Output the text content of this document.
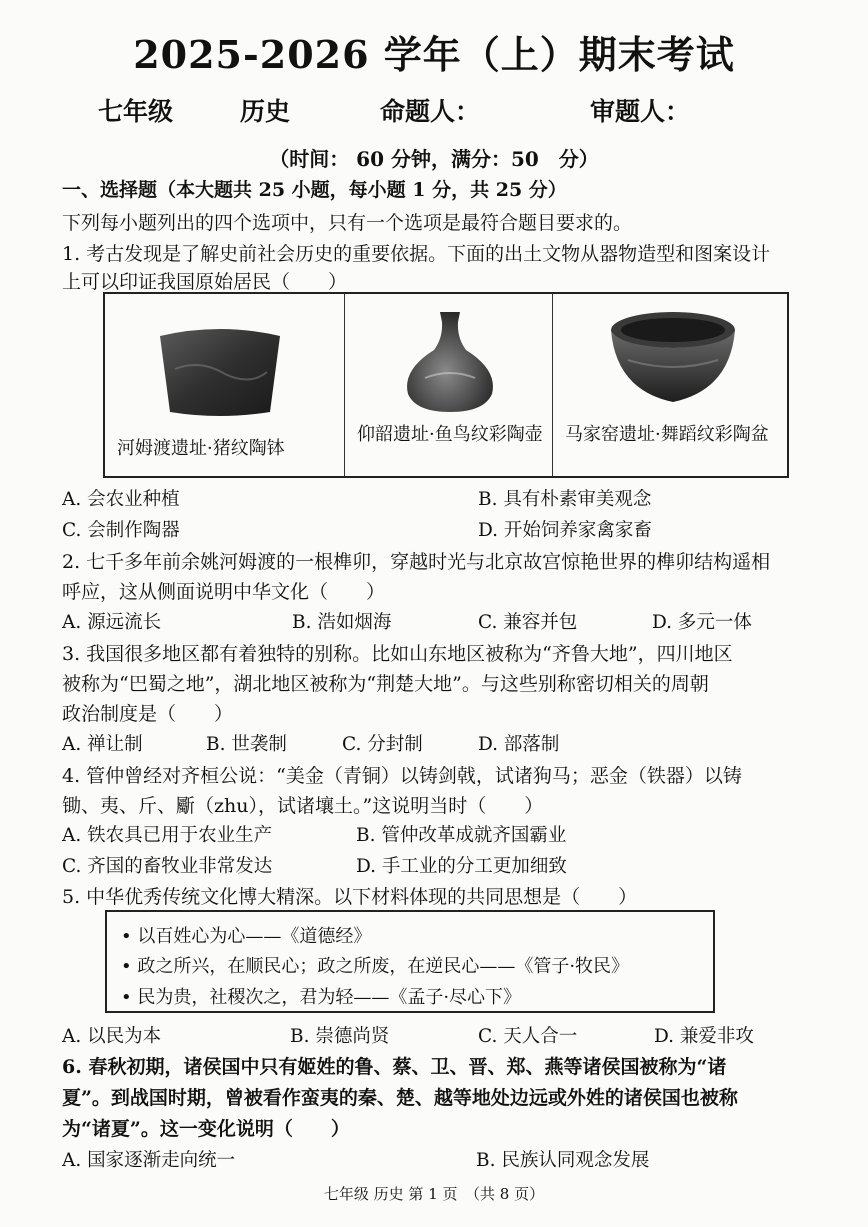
2025-2026 学年（上）期末考试
七年级	历史	命题人：	审题人：
（时间： 60 分钟，满分：50　分）
一、选择题（本大题共 25 小题，每小题 1 分，共 25 分）
下列每小题列出的四个选项中，只有一个选项是最符合题目要求的。
1. 考古发现是了解史前社会历史的重要依据。下面的出土文物从器物造型和图案设计
上可以印证我国原始居民（　　）
河姆渡遗址·猪纹陶钵
仰韶遗址·鱼鸟纹彩陶壶 马家窑遗址·舞蹈纹彩陶盆
A. 会农业种植	B. 具有朴素审美观念
C. 会制作陶器	D. 开始饲养家禽家畜
2. 七千多年前余姚河姆渡的一根榫卯，穿越时光与北京故宫惊艳世界的榫卯结构遥相
呼应，这从侧面说明中华文化（　　）
A. 源远流长	B. 浩如烟海	C. 兼容并包	D. 多元一体
3. 我国很多地区都有着独特的别称。比如山东地区被称为“齐鲁大地”，四川地区
被称为“巴蜀之地”，湖北地区被称为“荆楚大地”。与这些别称密切相关的周朝
政治制度是（　　）
A. 禅让制	B. 世袭制	C. 分封制	D. 部落制
4. 管仲曾经对齐桓公说：“美金（青铜）以铸剑戟，试诸狗马；恶金（铁器）以铸
锄、夷、斤、斸（zhu），试诸壤土。”这说明当时（　　）
A. 铁农具已用于农业生产	B. 管仲改革成就齐国霸业
C. 齐国的畜牧业非常发达	D. 手工业的分工更加细致
5. 中华优秀传统文化博大精深。以下材料体现的共同思想是（　　）
• 以百姓心为心——《道德经》
• 政之所兴，在顺民心；政之所废，在逆民心——《管子·牧民》
• 民为贵，社稷次之，君为轻——《孟子·尽心下》
A. 以民为本	B. 崇德尚贤	C. 天人合一	D. 兼爱非攻
6. 春秋初期，诸侯国中只有姬姓的鲁、蔡、卫、晋、郑、燕等诸侯国被称为“诸
夏”。到战国时期，曾被看作蛮夷的秦、楚、越等地处边远或外姓的诸侯国也被称
为“诸夏”。这一变化说明（　　）
A. 国家逐渐走向统一	B. 民族认同观念发展
七年级 历史 第 1 页　（共 8 页）
